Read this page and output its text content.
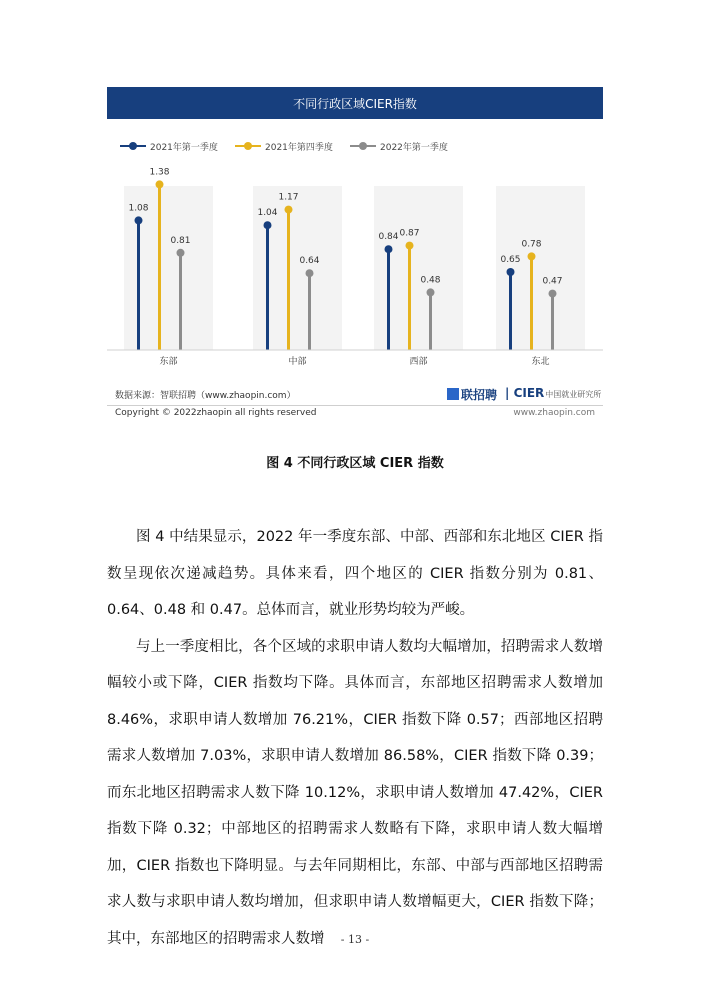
不同行政区域CIER指数
2021年第一季度	2021年第四季度	2022年第一季度
1.08
1.38
0.81
东部
1.04
1.17
0.64
中部
0.84 0.87
0.48
西部
0.65
0.78
0.47
东北
数据来源：智联招聘（www.zhaopin.com）	联招聘 | CIER中国就业研究所
Copyright © 2022zhaopin all rights reserved	www.zhaopin.com
图 4 不同行政区域 CIER 指数

图 4 中结果显示，2022 年一季度东部、中部、西部和东北地区 CIER 指数呈现依次递减趋势。具体来看，四个地区的 CIER 指数分别为 0.81、0.64、0.48 和 0.47。总体而言，就业形势均较为严峻。

与上一季度相比，各个区域的求职申请人数均大幅增加，招聘需求人数增幅较小或下降，CIER 指数均下降。具体而言，东部地区招聘需求人数增加 8.46%，求职申请人数增加 76.21%，CIER 指数下降 0.57；西部地区招聘需求人数增加 7.03%，求职申请人数增加 86.58%，CIER 指数下降 0.39；而东北地区招聘需求人数下降 10.12%，求职申请人数增加 47.42%，CIER 指数下降 0.32；中部地区的招聘需求人数略有下降，求职申请人数大幅增加，CIER 指数也下降明显。与去年同期相比，东部、中部与西部地区招聘需求人数与求职申请人数均增加，但求职申请人数增幅更大，CIER 指数下降；其中，东部地区的招聘需求人数增	- 13 -
